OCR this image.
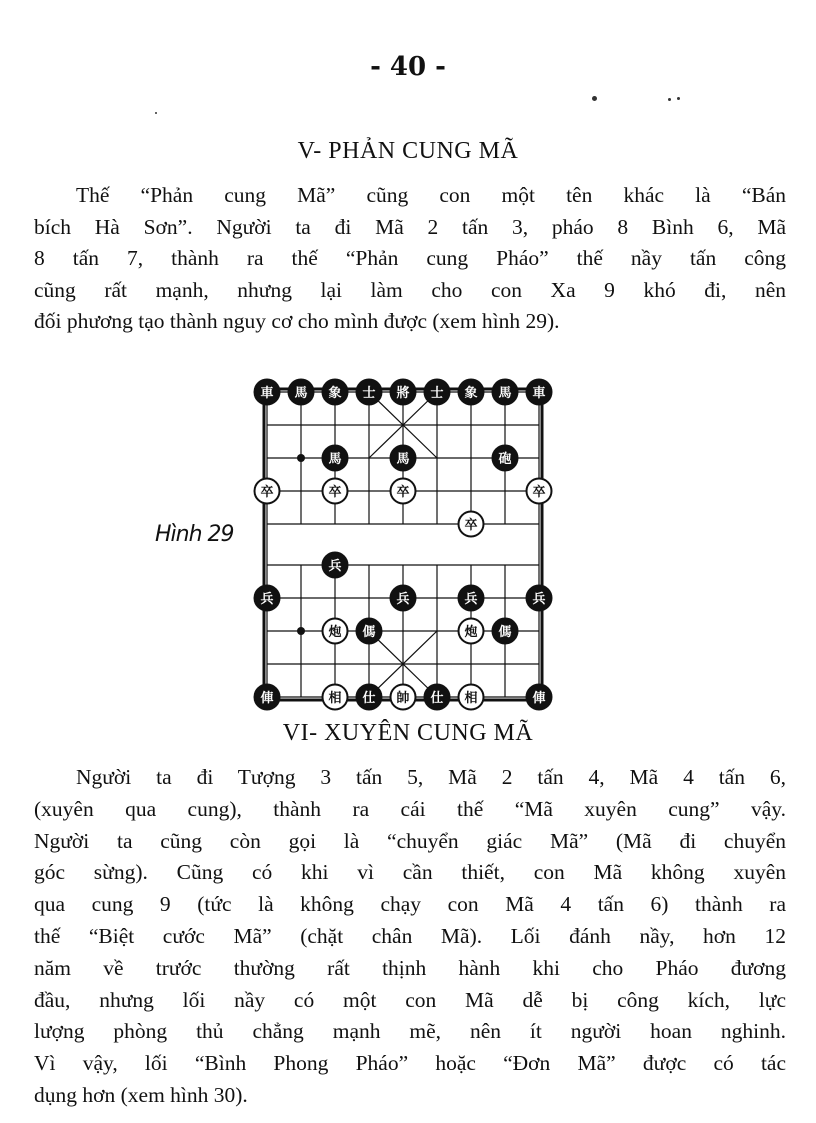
- 40 -
V- PHẢN CUNG MÃ
Thế “Phản cung Mã” cũng con một tên khác là “Bán
bích Hà Sơn”. Người ta đi Mã 2 tấn 3, pháo 8 Bình 6, Mã
8 tấn 7, thành ra thế “Phản cung Pháo” thế nầy tấn công
cũng rất mạnh, nhưng lại làm cho con Xa 9 khó đi, nên
đối phương tạo thành nguy cơ cho mình được (xem hình 29).
Hình 29
車 馬 象 士 將 士 象 馬 車
馬	馬	砲
卒	卒	卒	卒
卒
兵
兵	兵	兵	兵
炮 傌	炮 傌
俥	相 仕 帥 仕 相	俥
VI- XUYÊN CUNG MÃ
Người ta đi Tượng 3 tấn 5, Mã 2 tấn 4, Mã 4 tấn 6,
(xuyên qua cung), thành ra cái thế “Mã xuyên cung” vậy.
Người ta cũng còn gọi là “chuyển giác Mã” (Mã đi chuyển
góc sừng). Cũng có khi vì cần thiết, con Mã không xuyên
qua cung 9 (tức là không chạy con Mã 4 tấn 6) thành ra
thế “Biệt cước Mã” (chặt chân Mã). Lối đánh nầy, hơn 12
năm về trước thường rất thịnh hành khi cho Pháo đương
đầu, nhưng lối nầy có một con Mã dễ bị công kích, lực
lượng phòng thủ chẳng mạnh mẽ, nên ít người hoan nghinh.
Vì vậy, lối “Bình Phong Pháo” hoặc “Đơn Mã” được có tác
dụng hơn (xem hình 30).
